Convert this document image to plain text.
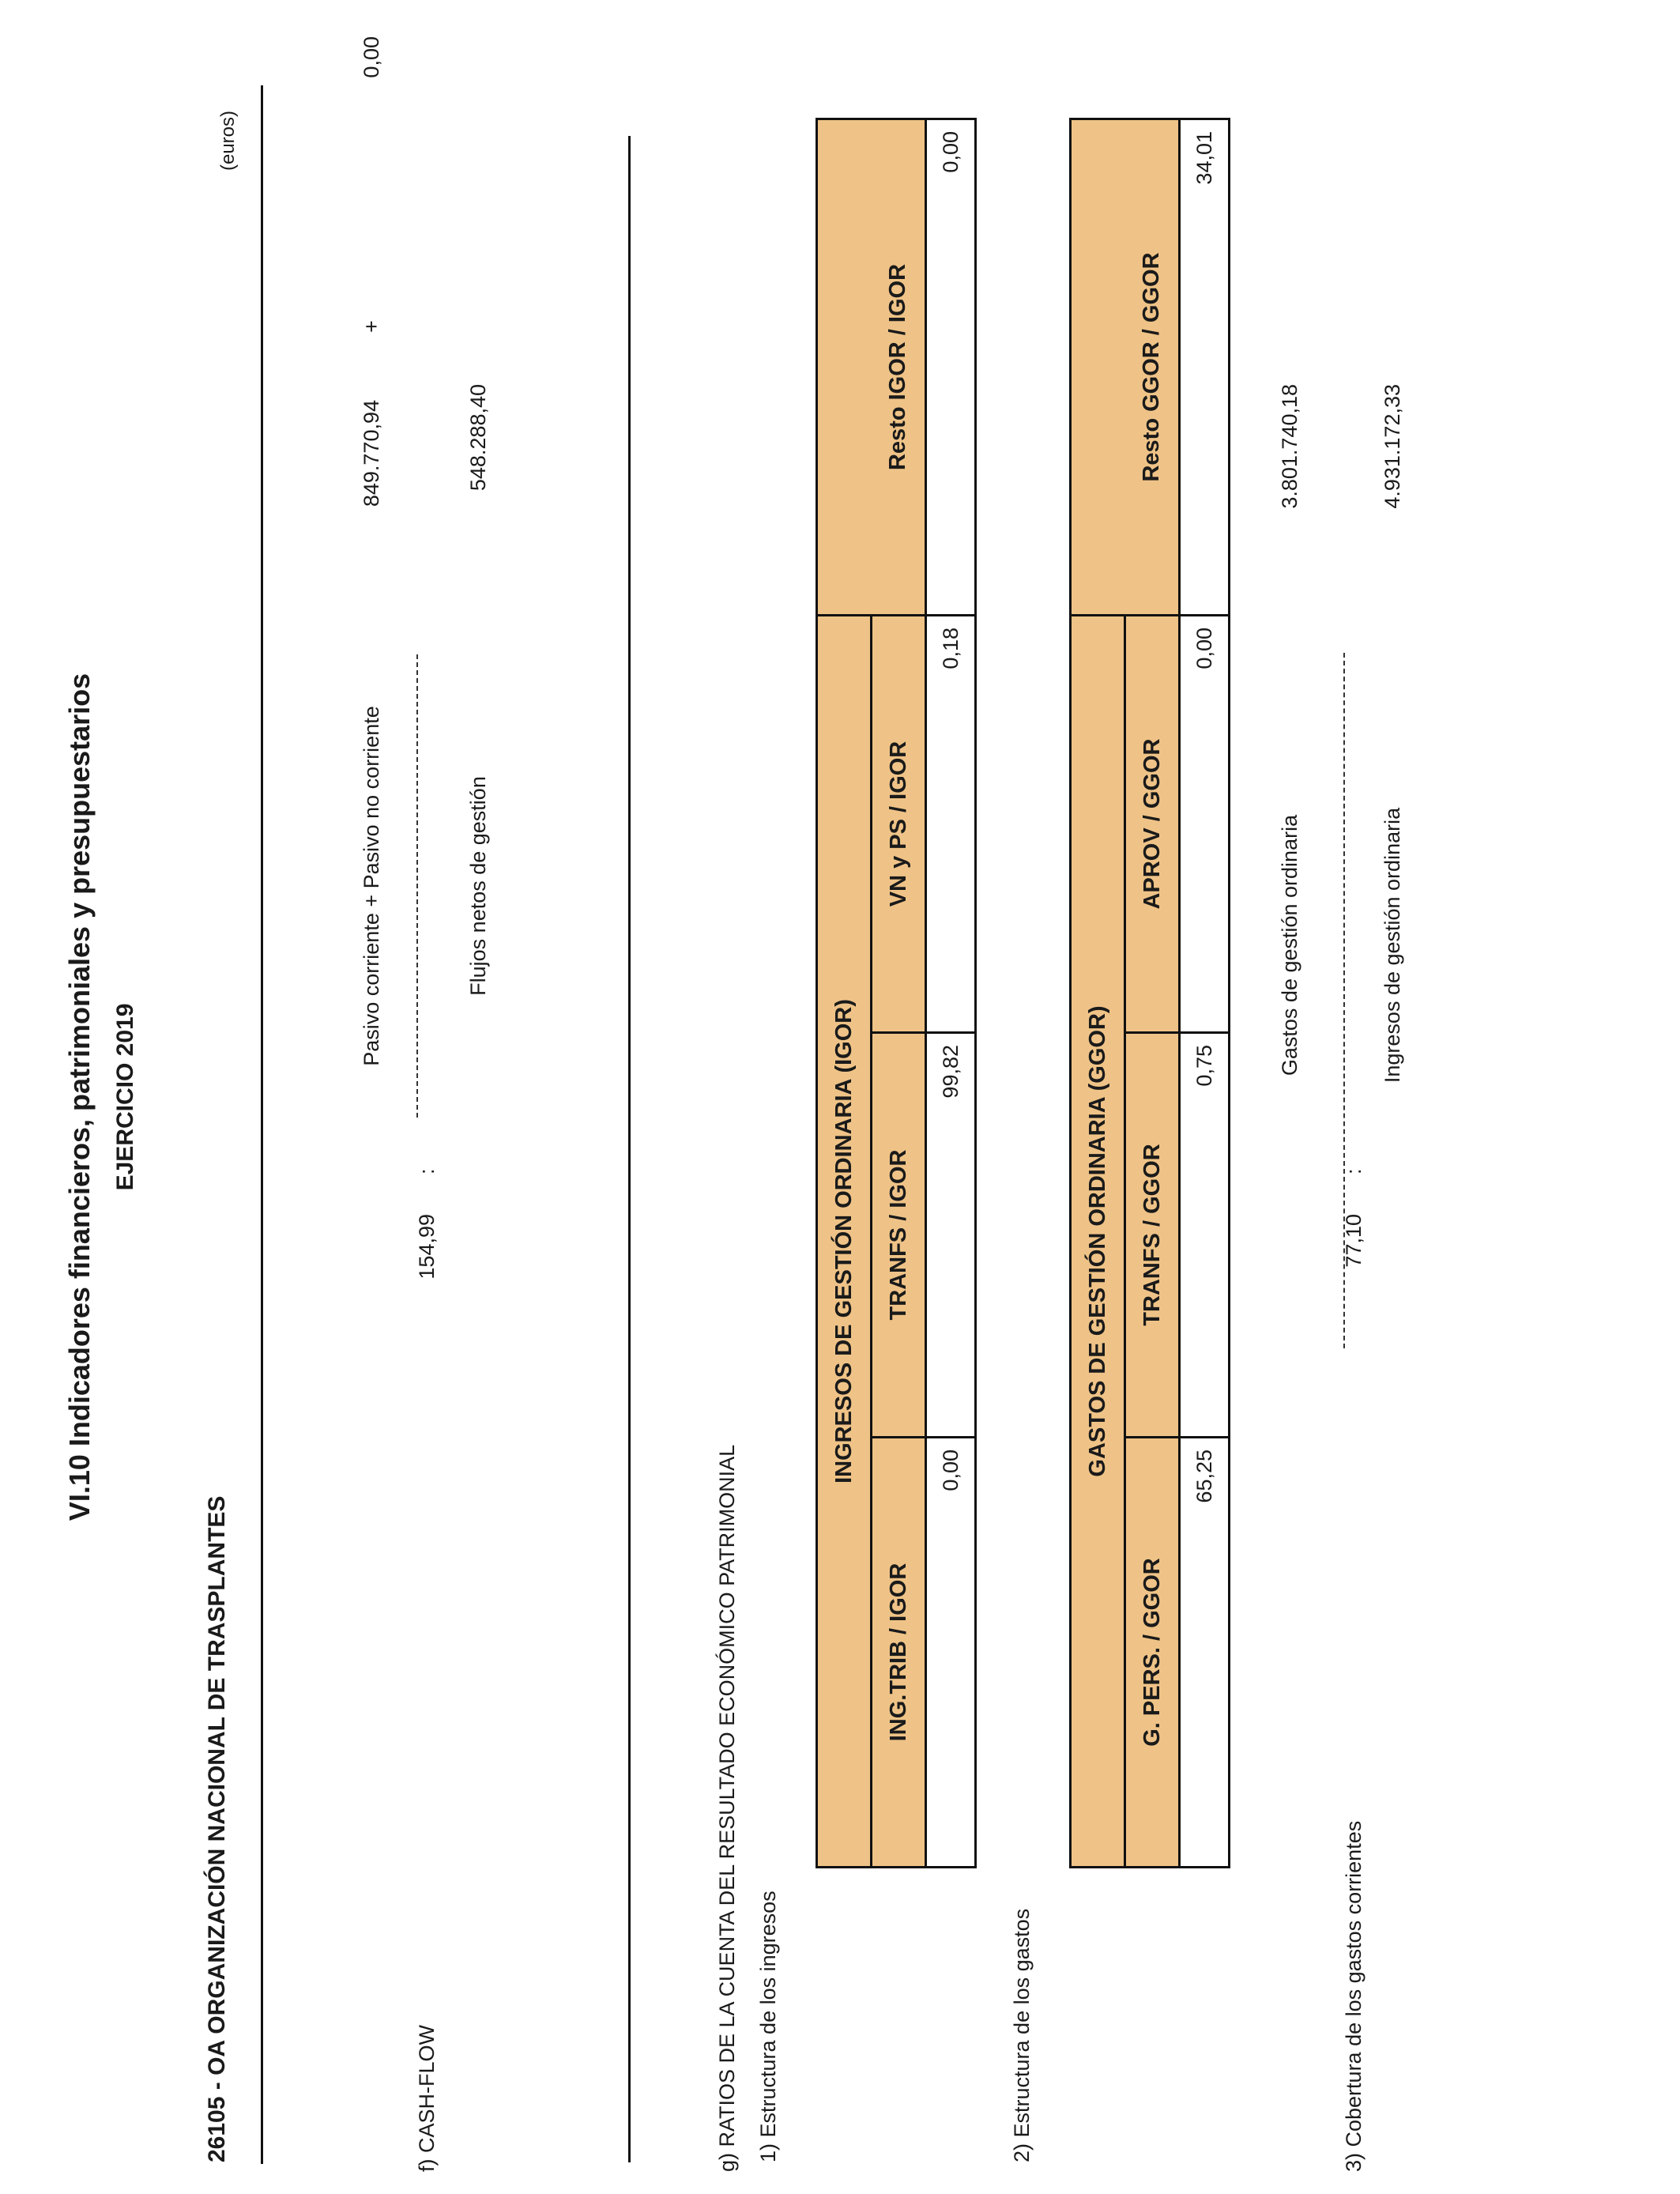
VI.10 Indicadores financieros, patrimoniales y presupuestarios EJERCICIO 2019
26105 - OA ORGANIZACIÓN NACIONAL DE TRASPLANTES
(euros)
0,00
f) CASH-FLOW
154,99
:
Pasivo corriente + Pasivo no corriente
849.770,94
+
Flujos netos de gestión
548.288,40
g) RATIOS DE LA CUENTA DEL RESULTADO ECONÓMICO PATRIMONIAL 1) Estructura de los ingresos
INGRESOS DE GESTIÓN ORDINARIA (IGOR)			
ING.TRIB / IGOR	TRANFS / IGOR	VN y PS / IGOR	Resto IGOR / IGOR
0,00	99,82	0,18	0,00
2) Estructura de los gastos
GASTOS DE GESTIÓN ORDINARIA (GGOR)			
G. PERS. / GGOR	TRANFS / GGOR	APROV / GGOR	Resto GGOR / GGOR
65,25	0,75	0,00	34,01
3) Cobertura de los gastos corrientes
77,10
:
Gastos de gestión ordinaria
3.801.740,18
Ingresos de gestión ordinaria
4.931.172,33
